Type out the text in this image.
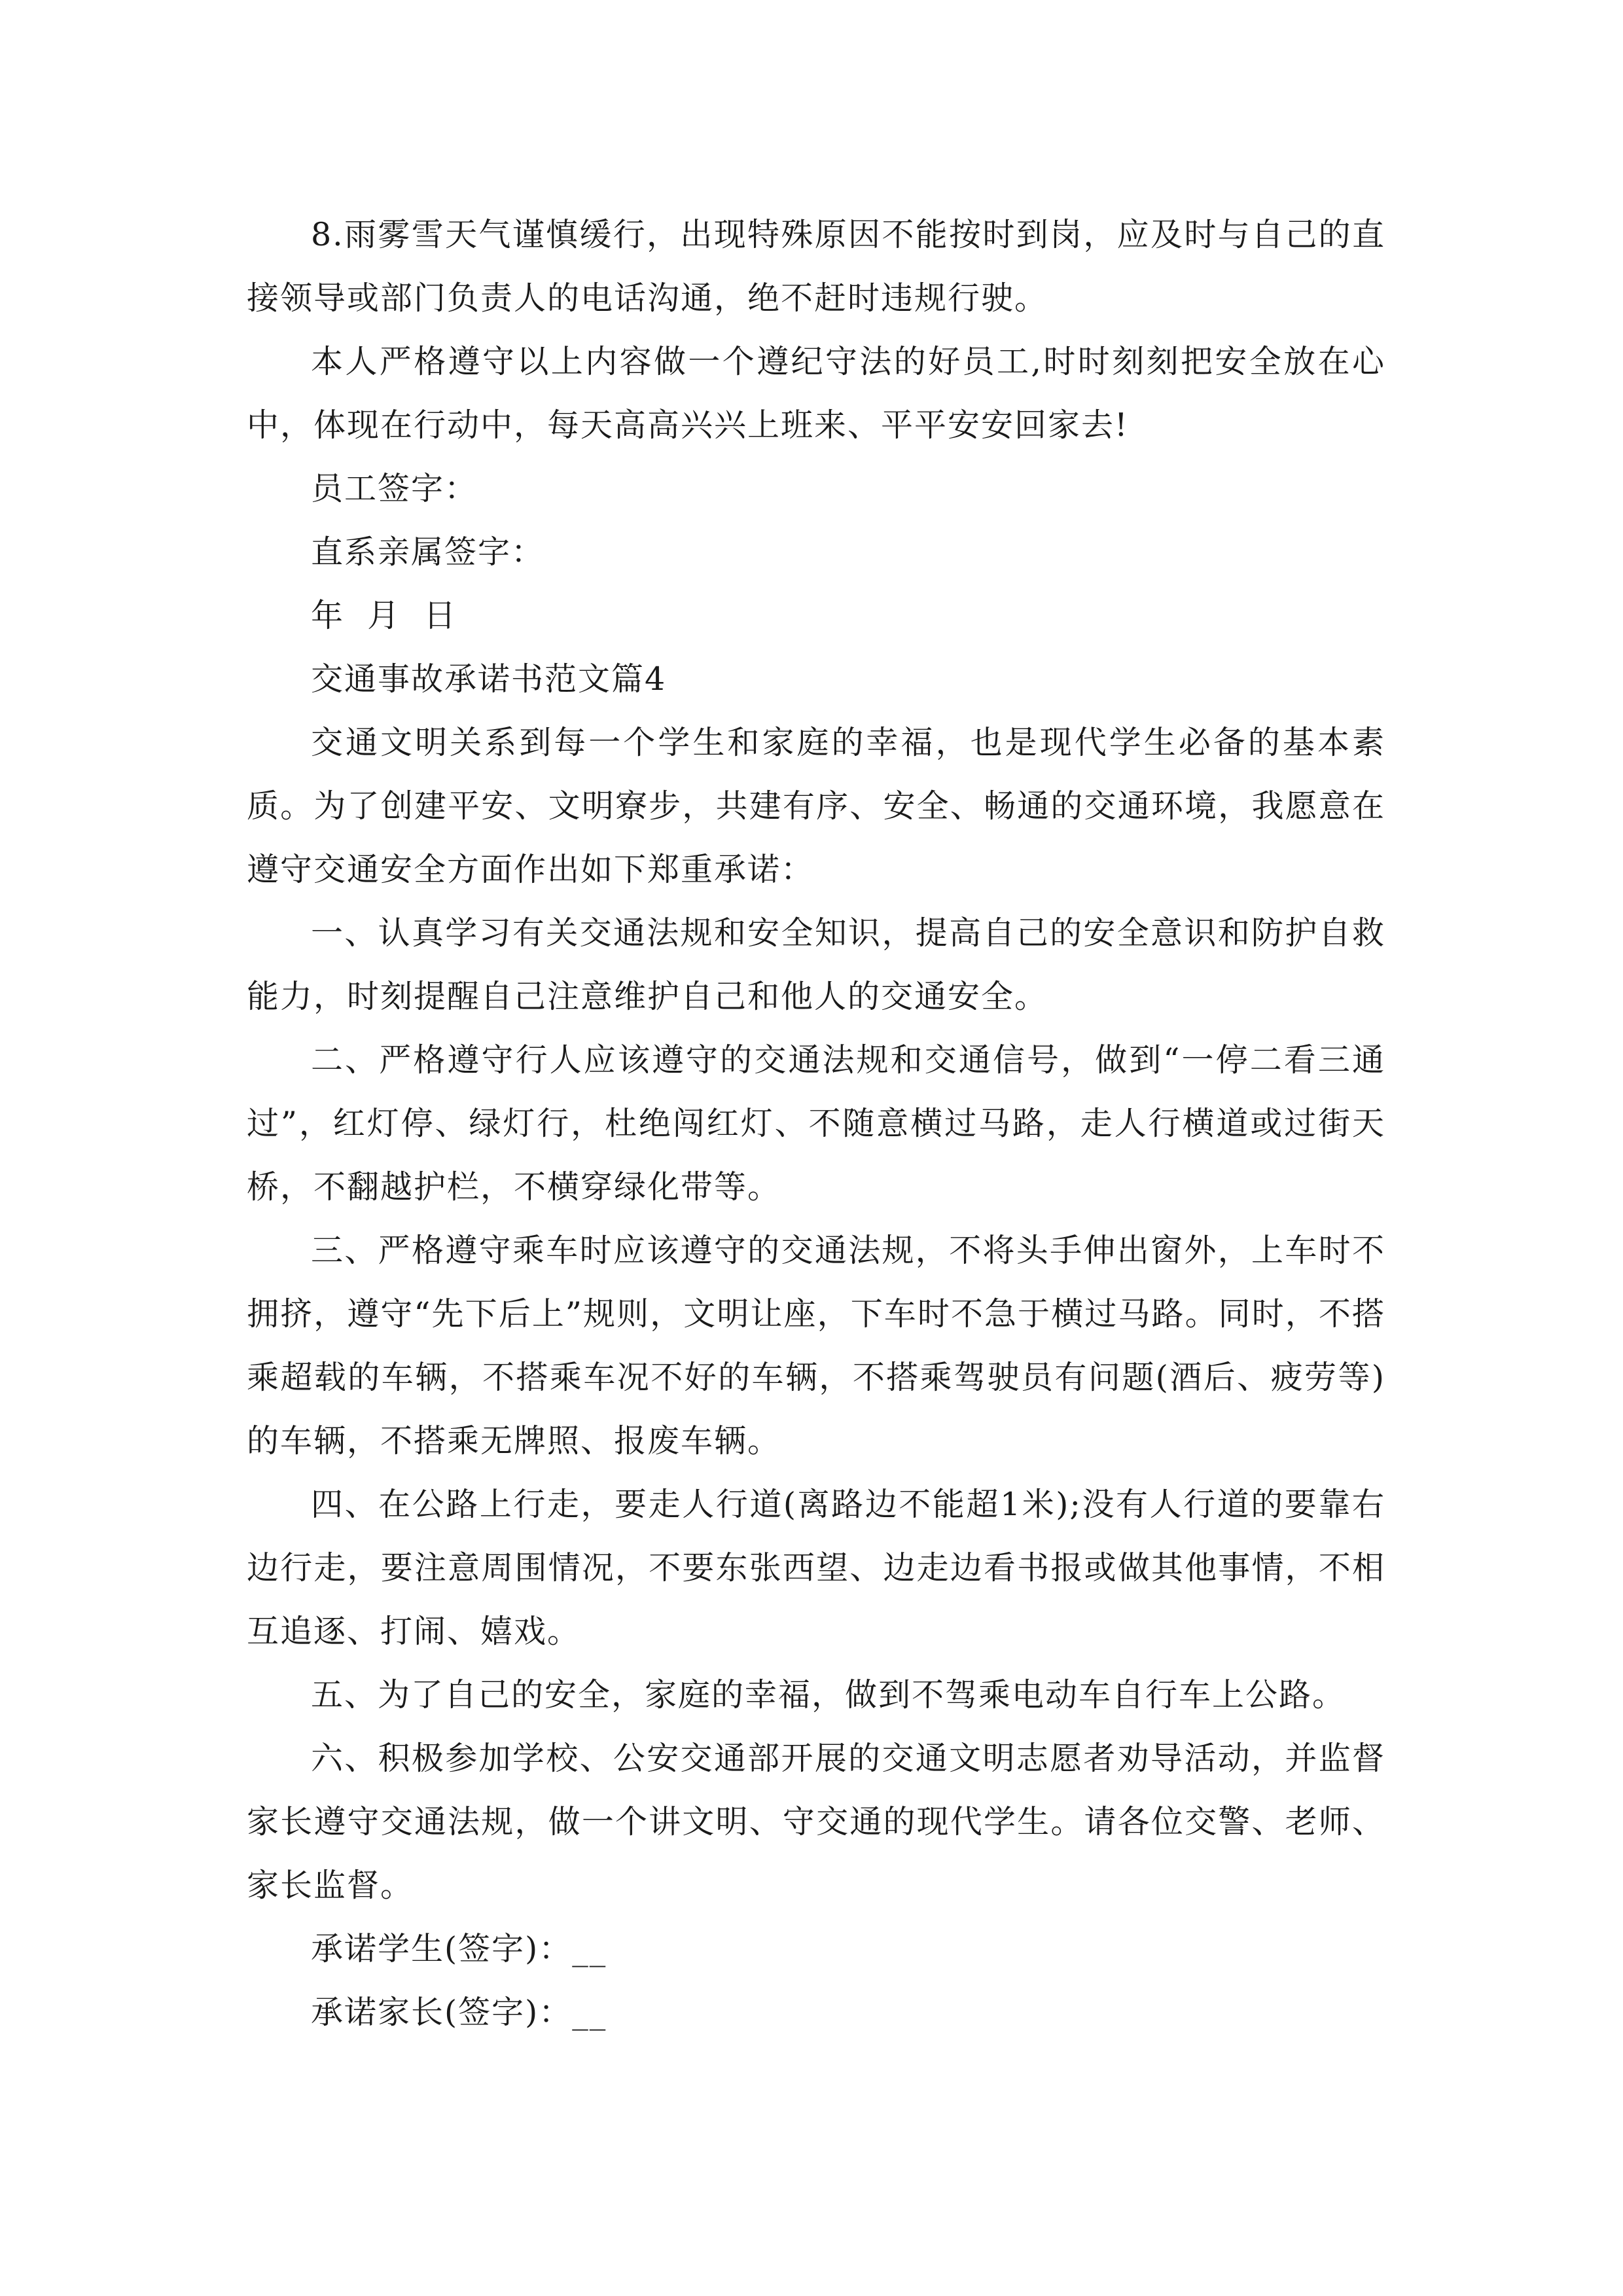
8.雨雾雪天气谨慎缓行，出现特殊原因不能按时到岗，应及时与自己的直接领导或部门负责人的电话沟通，绝不赶时违规行驶。

本人严格遵守以上内容做一个遵纪守法的好员工,时时刻刻把安全放在心中，体现在行动中，每天高高兴兴上班来、平平安安回家去!

员工签字：

直系亲属签字：

年  月  日

交通事故承诺书范文篇4

交通文明关系到每一个学生和家庭的幸福，也是现代学生必备的基本素质。为了创建平安、文明寮步，共建有序、安全、畅通的交通环境，我愿意在遵守交通安全方面作出如下郑重承诺：

一、认真学习有关交通法规和安全知识，提高自己的安全意识和防护自救能力，时刻提醒自己注意维护自己和他人的交通安全。

二、严格遵守行人应该遵守的交通法规和交通信号，做到“一停二看三通过”，红灯停、绿灯行，杜绝闯红灯、不随意横过马路，走人行横道或过街天桥，不翻越护栏，不横穿绿化带等。

三、严格遵守乘车时应该遵守的交通法规，不将头手伸出窗外，上车时不拥挤，遵守“先下后上”规则，文明让座，下车时不急于横过马路。同时，不搭乘超载的车辆，不搭乘车况不好的车辆，不搭乘驾驶员有问题(酒后、疲劳等)的车辆，不搭乘无牌照、报废车辆。

四、在公路上行走，要走人行道(离路边不能超1米);没有人行道的要靠右边行走，要注意周围情况，不要东张西望、边走边看书报或做其他事情，不相互追逐、打闹、嬉戏。

五、为了自己的安全，家庭的幸福，做到不驾乘电动车自行车上公路。

六、积极参加学校、公安交通部开展的交通文明志愿者劝导活动，并监督家长遵守交通法规，做一个讲文明、守交通的现代学生。请各位交警、老师、家长监督。

承诺学生(签字)：__

承诺家长(签字)：__
